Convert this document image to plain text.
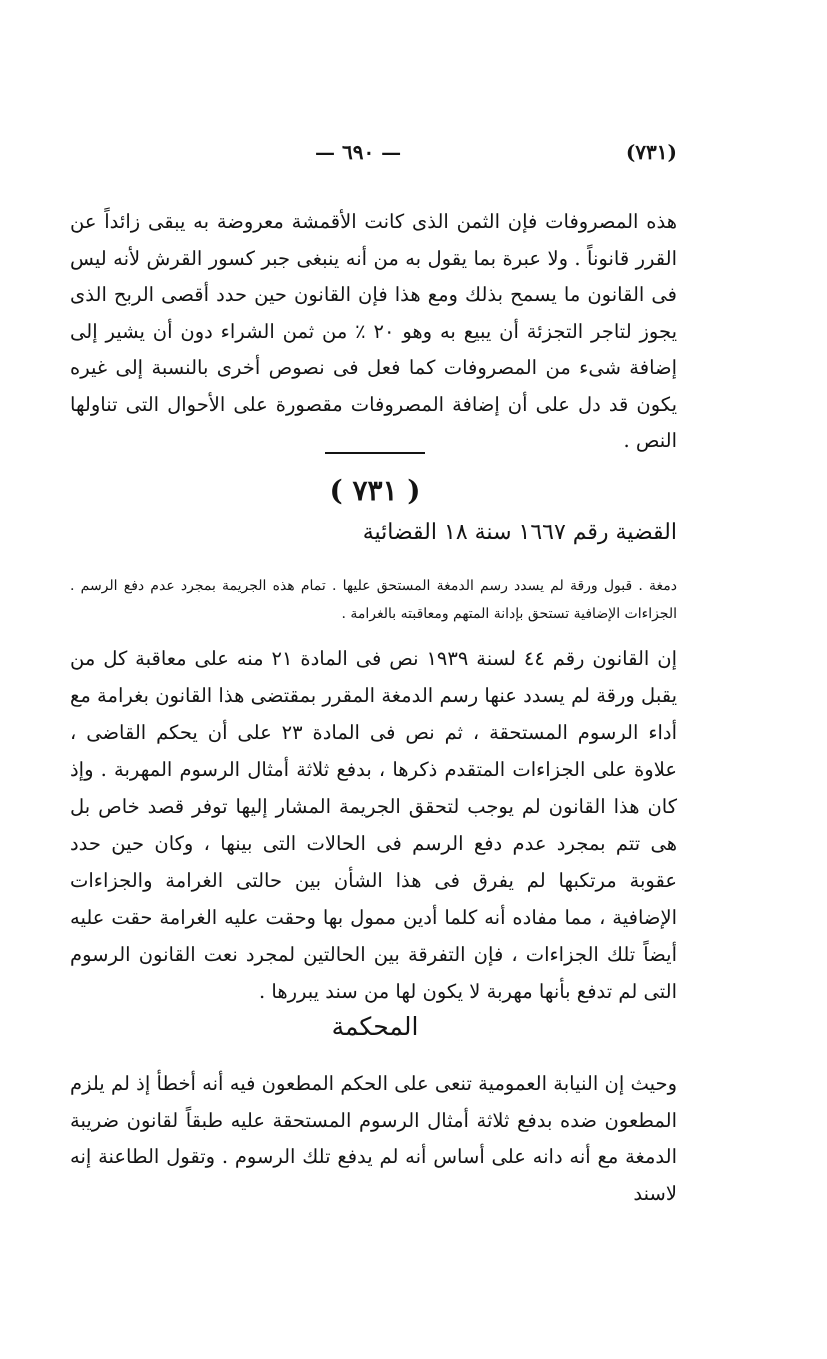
— ٦٩٠ —	(٧٣١)

هذه المصروفات فإن الثمن الذى كانت الأقمشة معروضة به يبقى زائداً عن القرر قانوناً . ولا عبرة بما يقول به من أنه ينبغى جبر كسور القرش لأنه ليس فى القانون ما يسمح بذلك ومع هذا فإن القانون حين حدد أقصى الربح الذى يجوز لتاجر التجزئة أن يبيع به وهو ٢٠ ٪ من ثمن الشراء دون أن يشير إلى إضافة شىء من المصروفات كما فعل فى نصوص أخرى بالنسبة إلى غيره يكون قد دل على أن إضافة المصروفات مقصورة على الأحوال التى تناولها النص .

( ٧٣١ )
القضية رقم ١٦٦٧ سنة ١٨ القضائية

دمغة . قبول ورقة لم يسدد رسم الدمغة المستحق عليها . تمام هذه الجريمة بمجرد عدم دفع الرسم . الجزاءات الإضافية تستحق بإدانة المتهم ومعاقبته بالغرامة .

إن القانون رقم ٤٤ لسنة ١٩٣٩ نص فى المادة ٢١ منه على معاقبة كل من يقبل ورقة لم يسدد عنها رسم الدمغة المقرر بمقتضى هذا القانون بغرامة مع أداء الرسوم المستحقة ، ثم نص فى المادة ٢٣ على أن يحكم القاضى ، علاوة على الجزاءات المتقدم ذكرها ، بدفع ثلاثة أمثال الرسوم المهربة . وإذ كان هذا القانون لم يوجب لتحقق الجريمة المشار إليها توفر قصد خاص بل هى تتم بمجرد عدم دفع الرسم فى الحالات التى بينها ، وكان حين حدد عقوبة مرتكبها لم يفرق فى هذا الشأن بين حالتى الغرامة والجزاءات الإضافية ، مما مفاده أنه كلما أدين ممول بها وحقت عليه الغرامة حقت عليه أيضاً تلك الجزاءات ، فإن التفرقة بين الحالتين لمجرد نعت القانون الرسوم التى لم تدفع بأنها مهربة لا يكون لها من سند يبررها .

المحكمة

وحيث إن النيابة العمومية تنعى على الحكم المطعون فيه أنه أخطأ إذ لم يلزم المطعون ضده بدفع ثلاثة أمثال الرسوم المستحقة عليه طبقاً لقانون ضريبة الدمغة مع أنه دانه على أساس أنه لم يدفع تلك الرسوم . وتقول الطاعنة إنه لاسند
